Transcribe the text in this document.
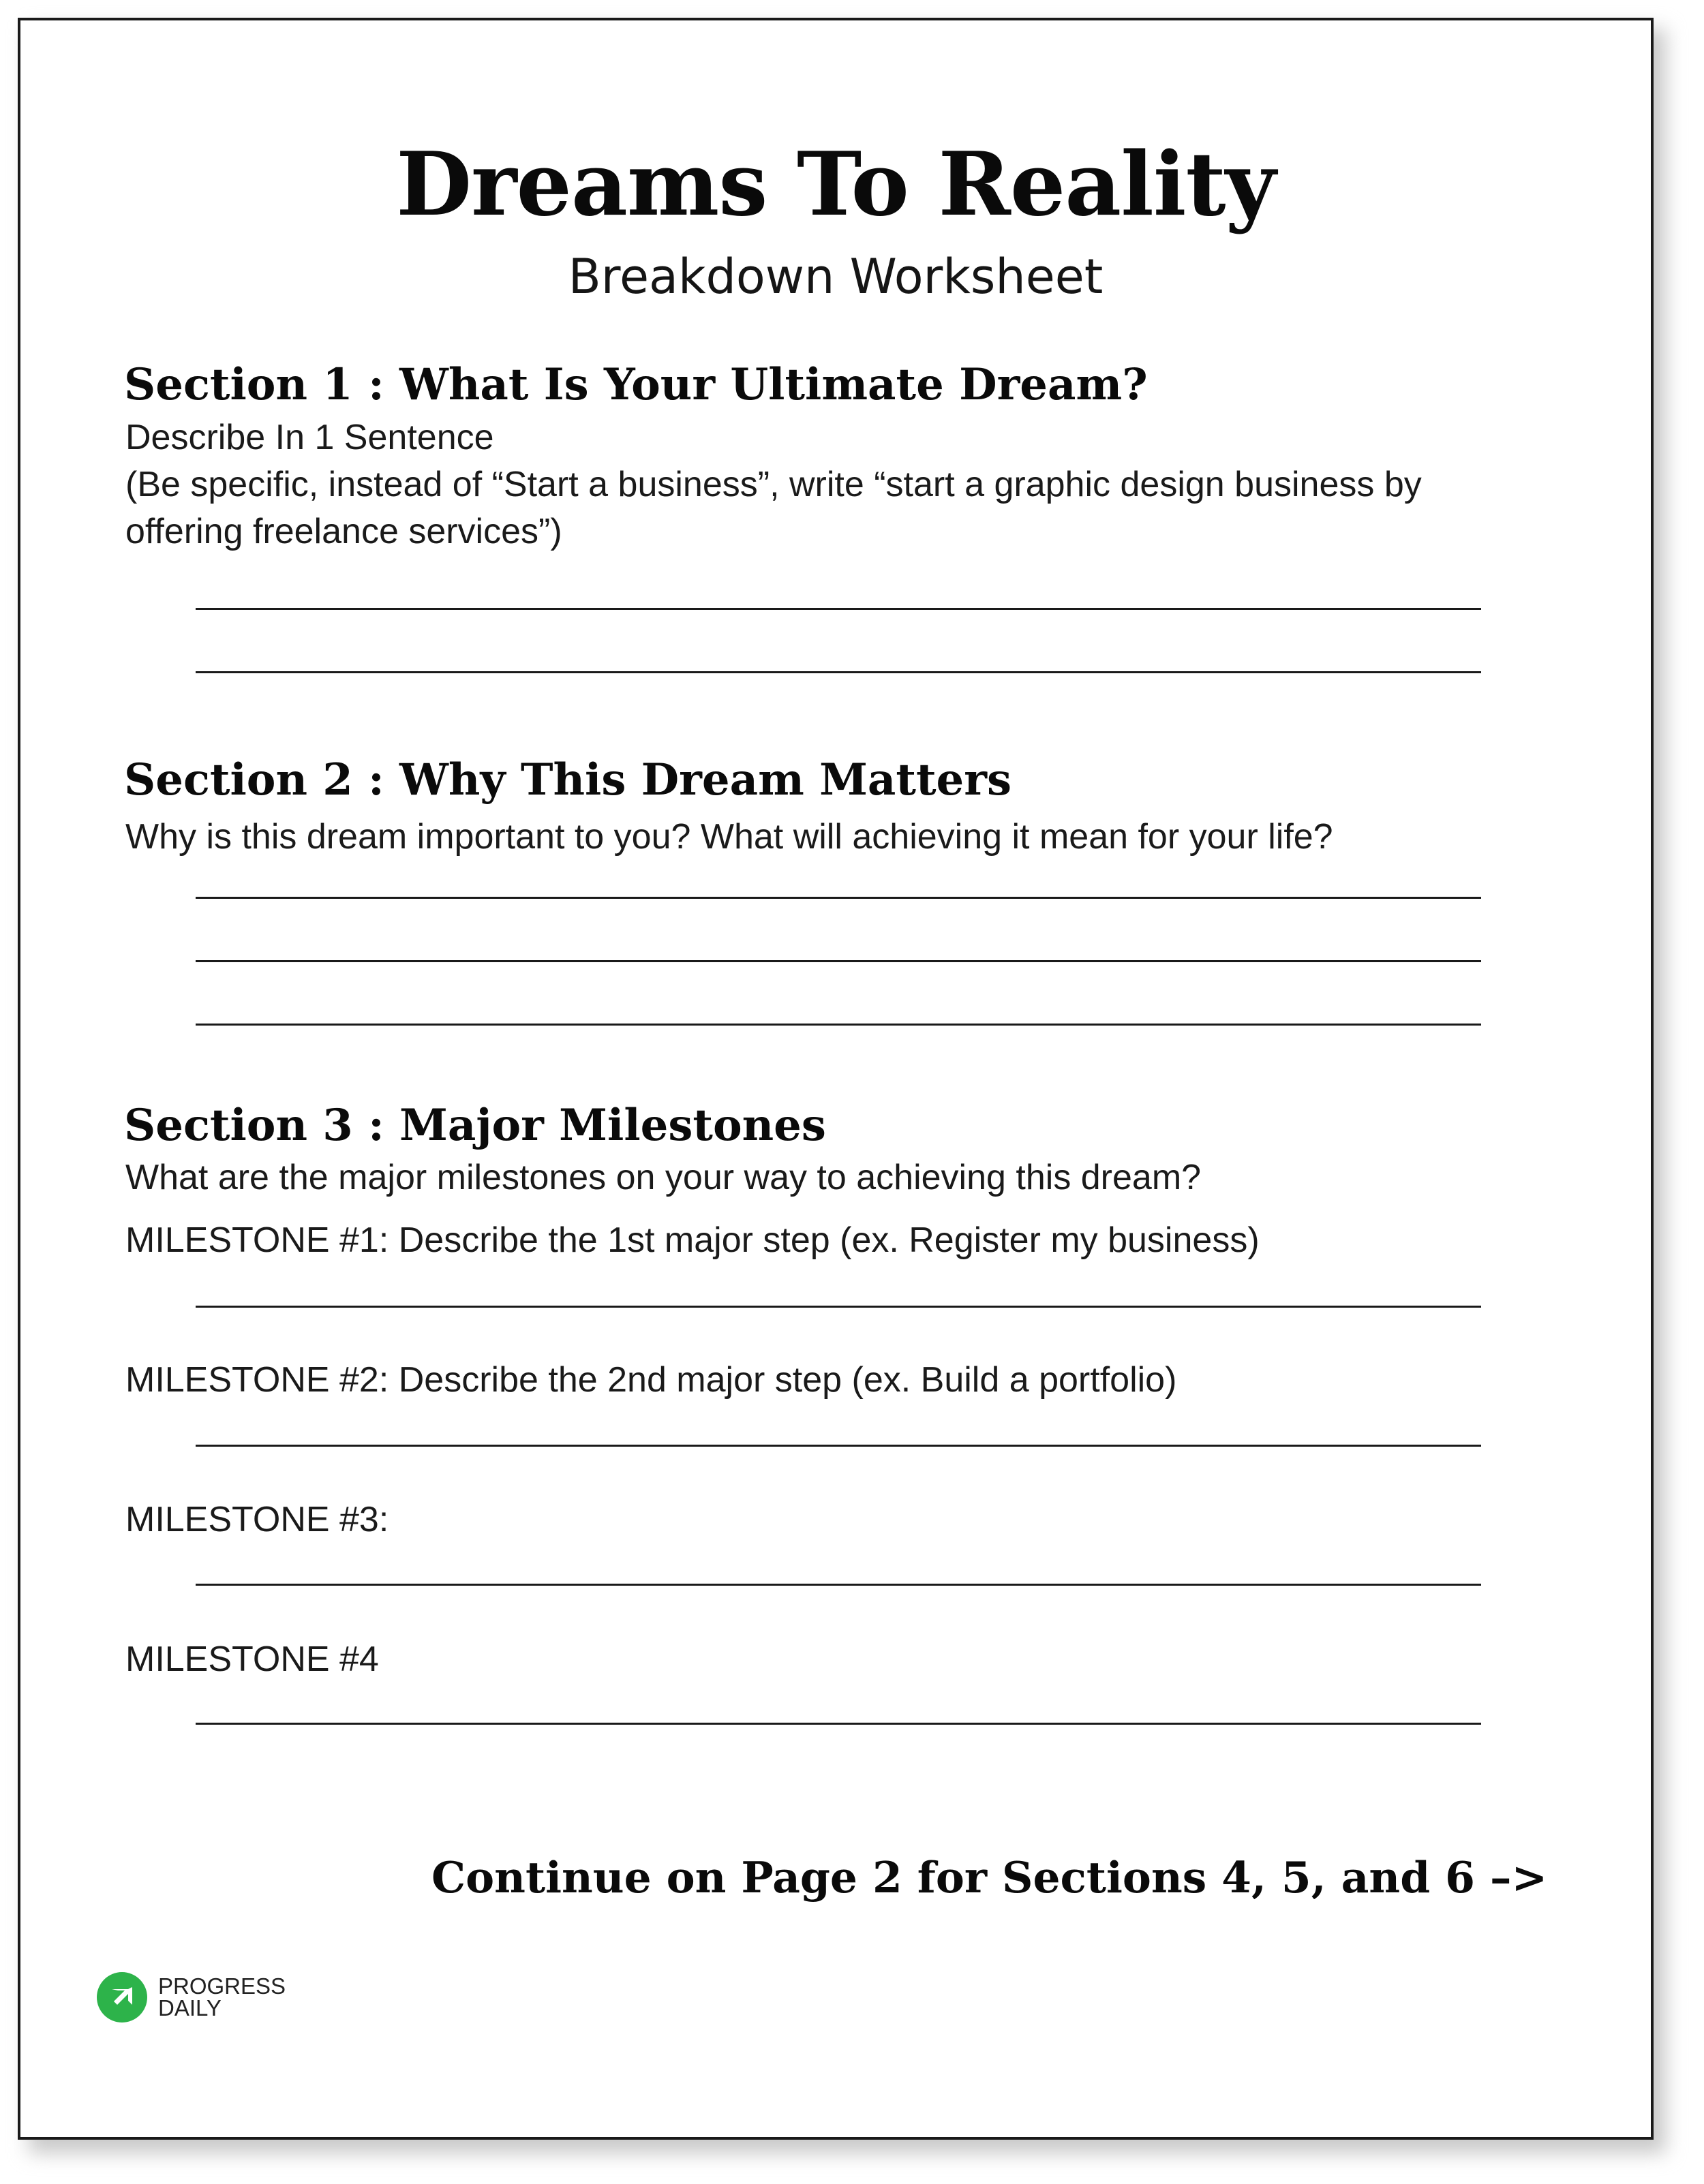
Dreams To Reality
Breakdown Worksheet
Section 1 : What Is Your Ultimate Dream?
Describe In 1 Sentence
(Be specific, instead of “Start a business”, write “start a graphic design business by
offering freelance services”)
Section 2 : Why This Dream Matters
Why is this dream important to you? What will achieving it mean for your life?
Section 3 : Major Milestones
What are the major milestones on your way to achieving this dream?
MILESTONE #1: Describe the 1st major step (ex. Register my business)
MILESTONE #2: Describe the 2nd major step (ex. Build a portfolio)
MILESTONE #3:
MILESTONE #4
Continue on Page 2 for Sections 4, 5, and 6 –>
PROGRESS
DAILY
